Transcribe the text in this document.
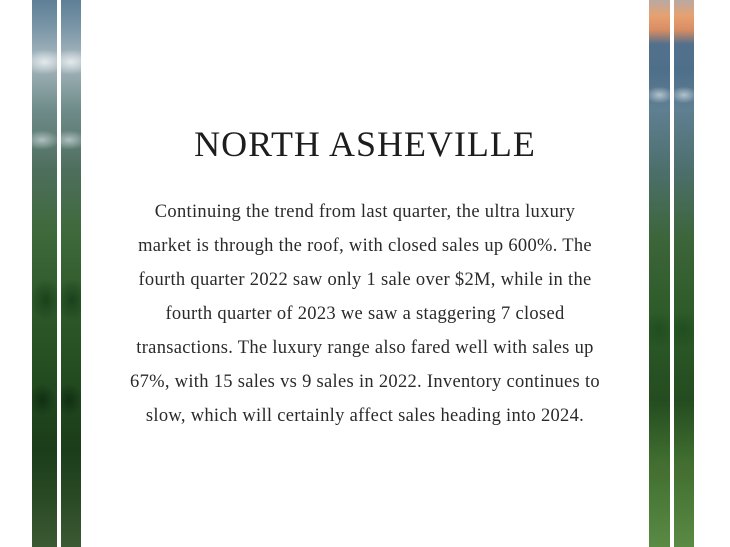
NORTH ASHEVILLE

Continuing the trend from last quarter, the ultra luxury
market is through the roof, with closed sales up 600%. The
fourth quarter 2022 saw only 1 sale over $2M, while in the
fourth quarter of 2023 we saw a staggering 7 closed
transactions. The luxury range also fared well with sales up
67%, with 15 sales vs 9 sales in 2022. Inventory continues to
slow, which will certainly affect sales heading into 2024.
